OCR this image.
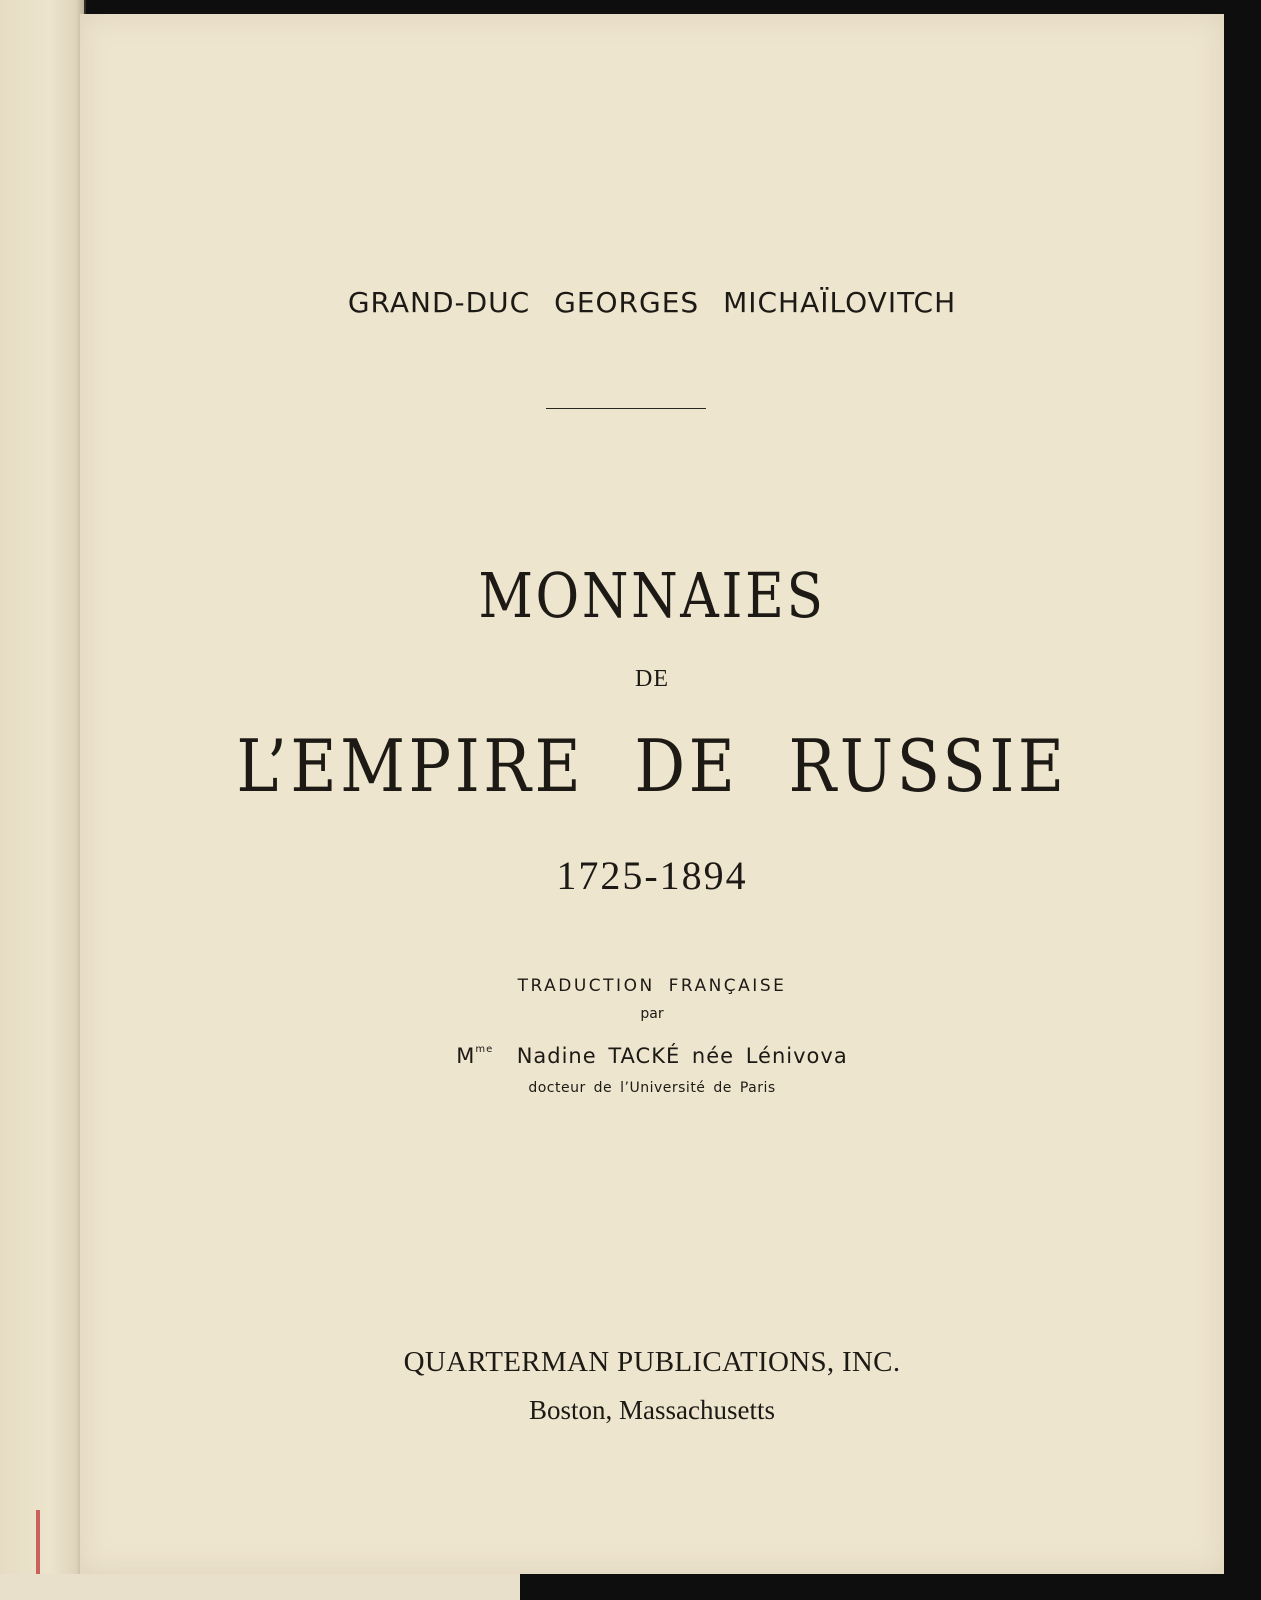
GRAND-DUC GEORGES MICHAÏLOVITCH
MONNAIES
DE
L’EMPIRE DE RUSSIE
1725-1894
TRADUCTION FRANÇAISE
par
$M^{me}$ Nadine TACKÉ née Lénivova
docteur de l’Université de Paris
QUARTERMAN PUBLICATIONS, INC.
Boston, Massachusetts
